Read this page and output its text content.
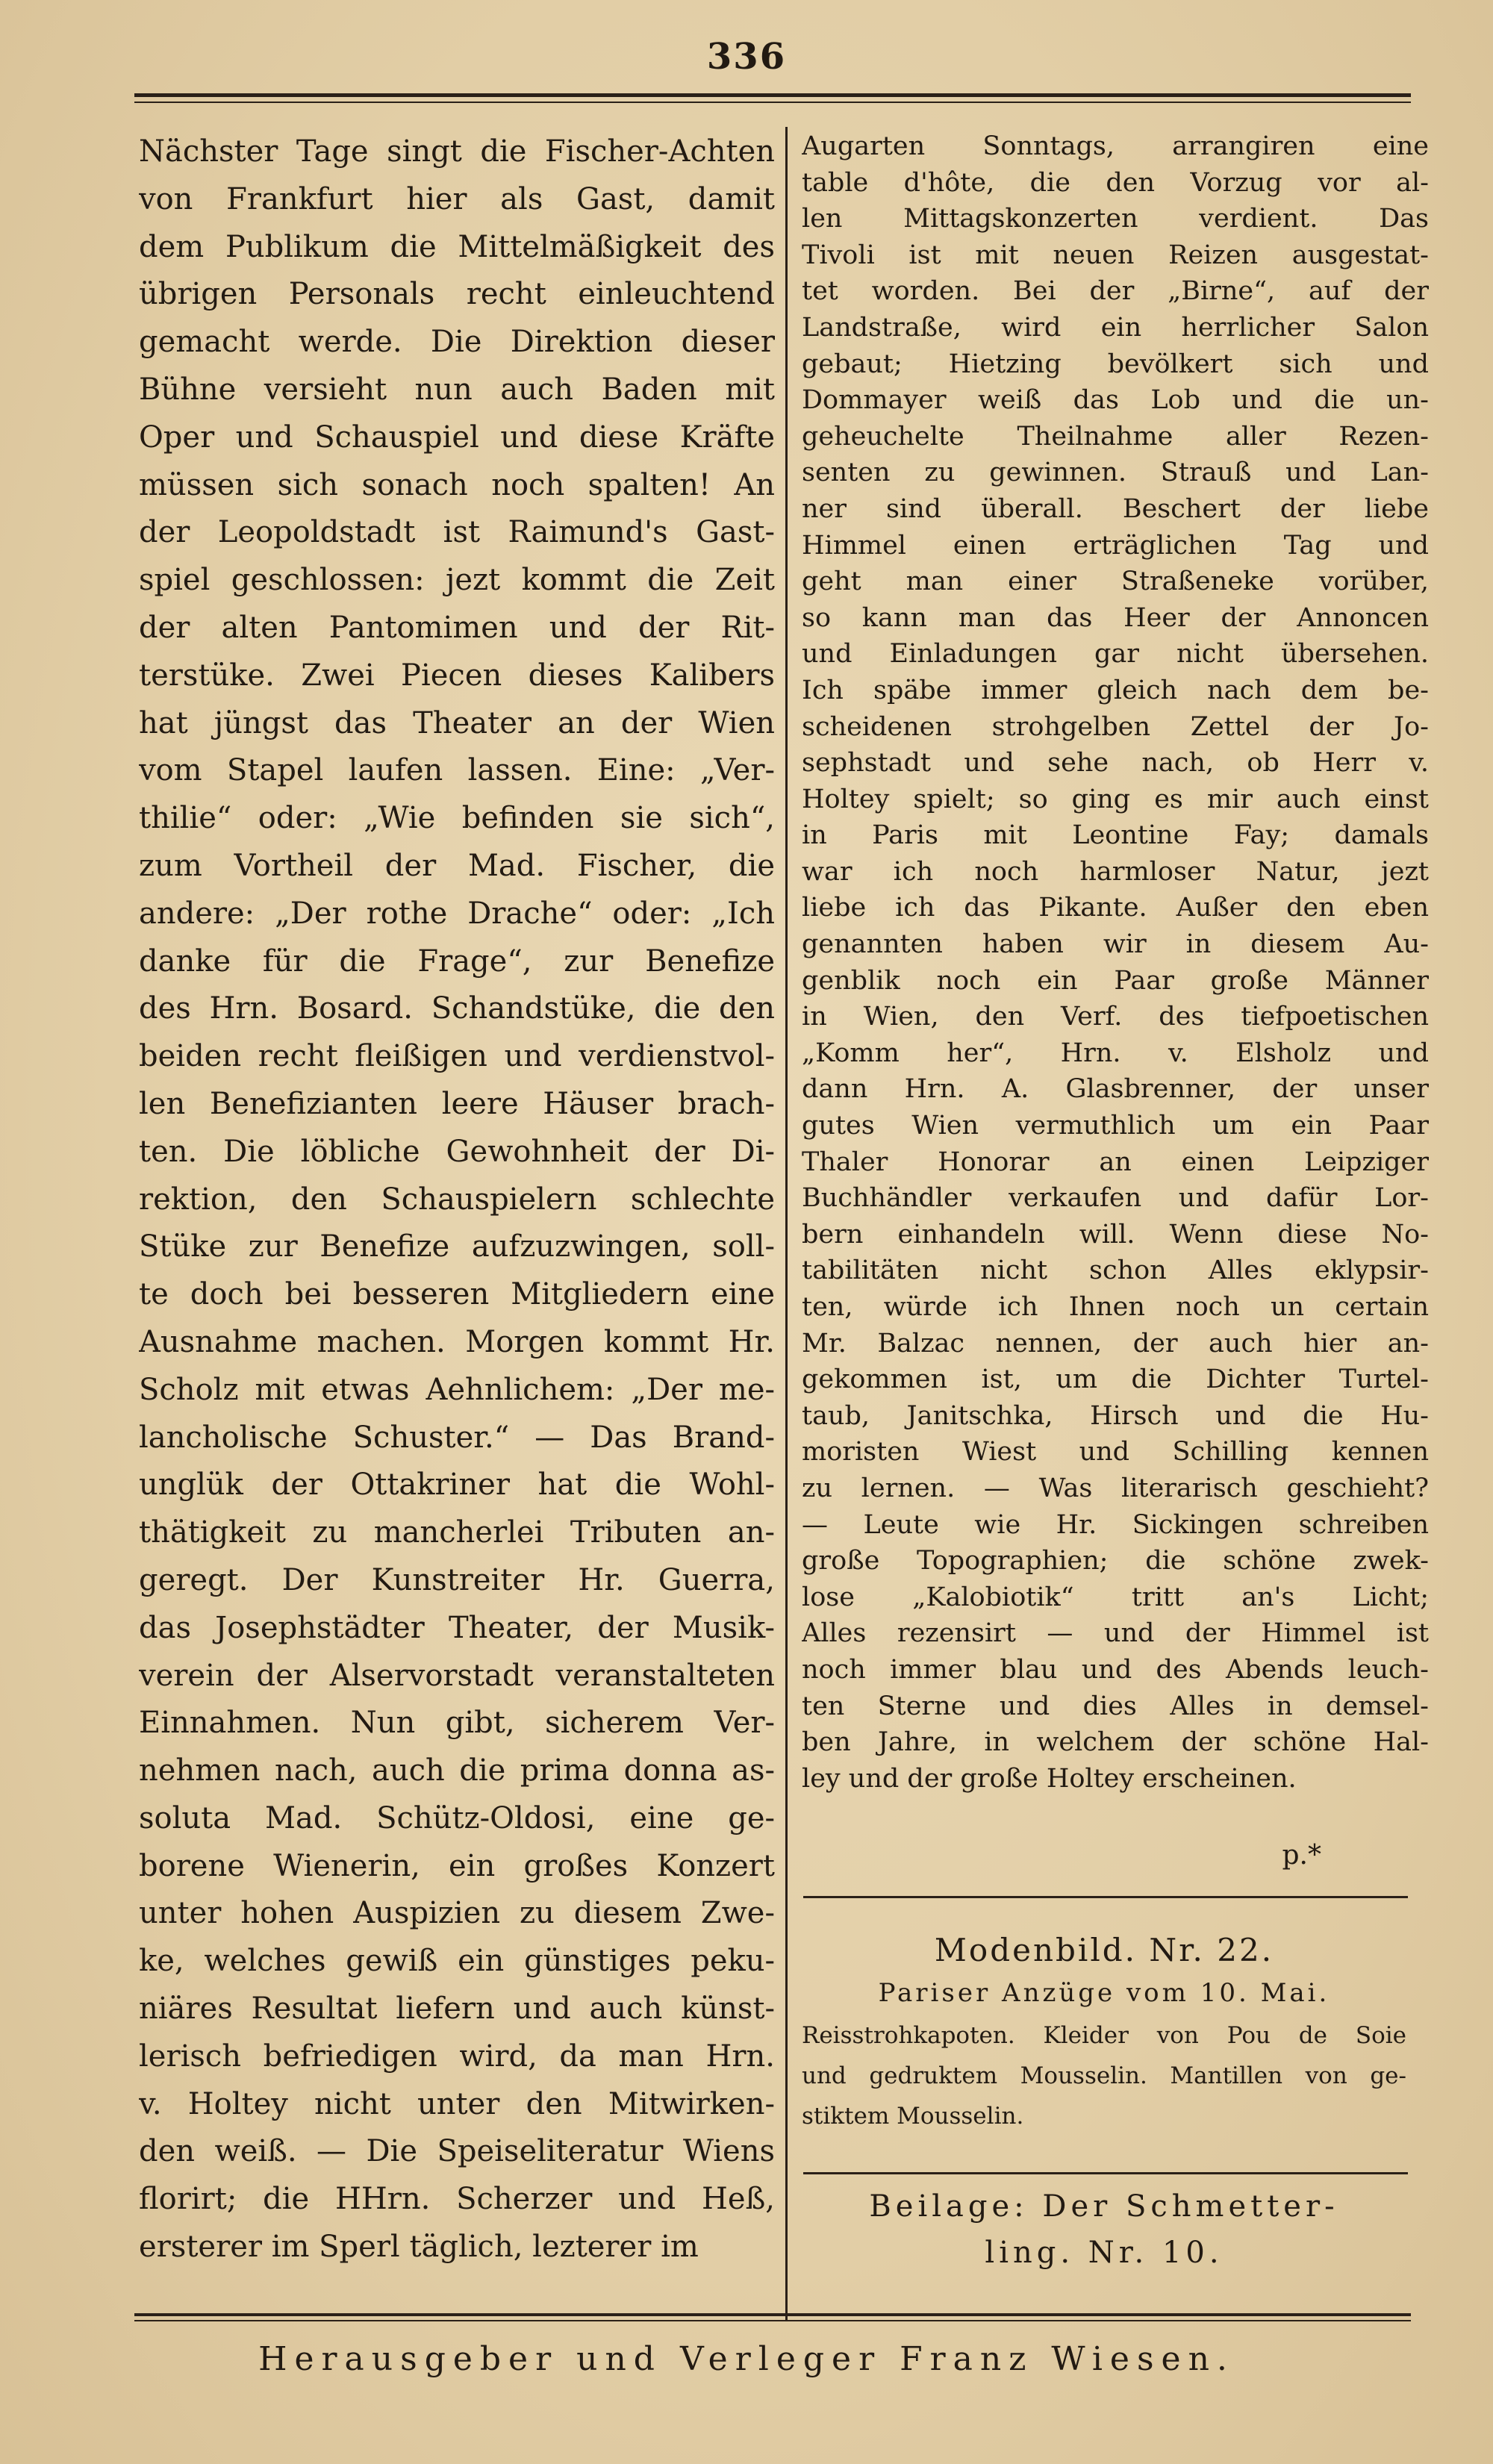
336
Nächster Tage singt die Fischer-Achten
von Frankfurt hier als Gast, damit
dem Publikum die Mittelmäßigkeit des
übrigen Personals recht einleuchtend
gemacht werde. Die Direktion dieser
Bühne versieht nun auch Baden mit
Oper und Schauspiel und diese Kräfte
müssen sich sonach noch spalten! An
der Leopoldstadt ist Raimund's Gast-
spiel geschlossen: jezt kommt die Zeit
der alten Pantomimen und der Rit-
terstüke. Zwei Piecen dieses Kalibers
hat jüngst das Theater an der Wien
vom Stapel laufen lassen. Eine: „Ver-
thilie“ oder: „Wie befinden sie sich“,
zum Vortheil der Mad. Fischer, die
andere: „Der rothe Drache“ oder: „Ich
danke für die Frage“, zur Benefize
des Hrn. Bosard. Schandstüke, die den
beiden recht fleißigen und verdienstvol-
len Benefizianten leere Häuser brach-
ten. Die löbliche Gewohnheit der Di-
rektion, den Schauspielern schlechte
Stüke zur Benefize aufzuzwingen, soll-
te doch bei besseren Mitgliedern eine
Ausnahme machen. Morgen kommt Hr.
Scholz mit etwas Aehnlichem: „Der me-
lancholische Schuster.“ — Das Brand-
unglük der Ottakriner hat die Wohl-
thätigkeit zu mancherlei Tributen an-
geregt. Der Kunstreiter Hr. Guerra,
das Josephstädter Theater, der Musik-
verein der Alservorstadt veranstalteten
Einnahmen. Nun gibt, sicherem Ver-
nehmen nach, auch die prima donna as-
soluta Mad. Schütz-Oldosi, eine ge-
borene Wienerin, ein großes Konzert
unter hohen Auspizien zu diesem Zwe-
ke, welches gewiß ein günstiges peku-
niäres Resultat liefern und auch künst-
lerisch befriedigen wird, da man Hrn.
v. Holtey nicht unter den Mitwirken-
den weiß. — Die Speiseliteratur Wiens
florirt; die HHrn. Scherzer und Heß,
ersterer im Sperl täglich, lezterer im
Augarten Sonntags, arrangiren eine
table d'hôte, die den Vorzug vor al-
len Mittagskonzerten verdient. Das
Tivoli ist mit neuen Reizen ausgestat-
tet worden. Bei der „Birne“, auf der
Landstraße, wird ein herrlicher Salon
gebaut; Hietzing bevölkert sich und
Dommayer weiß das Lob und die un-
geheuchelte Theilnahme aller Rezen-
senten zu gewinnen. Strauß und Lan-
ner sind überall. Beschert der liebe
Himmel einen erträglichen Tag und
geht man einer Straßeneke vorüber,
so kann man das Heer der Annoncen
und Einladungen gar nicht übersehen.
Ich späbe immer gleich nach dem be-
scheidenen strohgelben Zettel der Jo-
sephstadt und sehe nach, ob Herr v.
Holtey spielt; so ging es mir auch einst
in Paris mit Leontine Fay; damals
war ich noch harmloser Natur, jezt
liebe ich das Pikante. Außer den eben
genannten haben wir in diesem Au-
genblik noch ein Paar große Männer
in Wien, den Verf. des tiefpoetischen
„Komm her“, Hrn. v. Elsholz und
dann Hrn. A. Glasbrenner, der unser
gutes Wien vermuthlich um ein Paar
Thaler Honorar an einen Leipziger
Buchhändler verkaufen und dafür Lor-
bern einhandeln will. Wenn diese No-
tabilitäten nicht schon Alles eklypsir-
ten, würde ich Ihnen noch un certain
Mr. Balzac nennen, der auch hier an-
gekommen ist, um die Dichter Turtel-
taub, Janitschka, Hirsch und die Hu-
moristen Wiest und Schilling kennen
zu lernen. — Was literarisch geschieht?
— Leute wie Hr. Sickingen schreiben
große Topographien; die schöne zwek-
lose „Kalobiotik“ tritt an's Licht;
Alles rezensirt — und der Himmel ist
noch immer blau und des Abends leuch-
ten Sterne und dies Alles in demsel-
ben Jahre, in welchem der schöne Hal-
ley und der große Holtey erscheinen.
p.*
Modenbild. Nr. 22.
Pariser Anzüge vom 10. Mai.
Reisstrohkapoten. Kleider von Pou de Soie
und gedruktem Mousselin. Mantillen von ge-
stiktem Mousselin.
Beilage: Der Schmetter-
ling. Nr. 10.
Herausgeber und Verleger Franz Wiesen.
